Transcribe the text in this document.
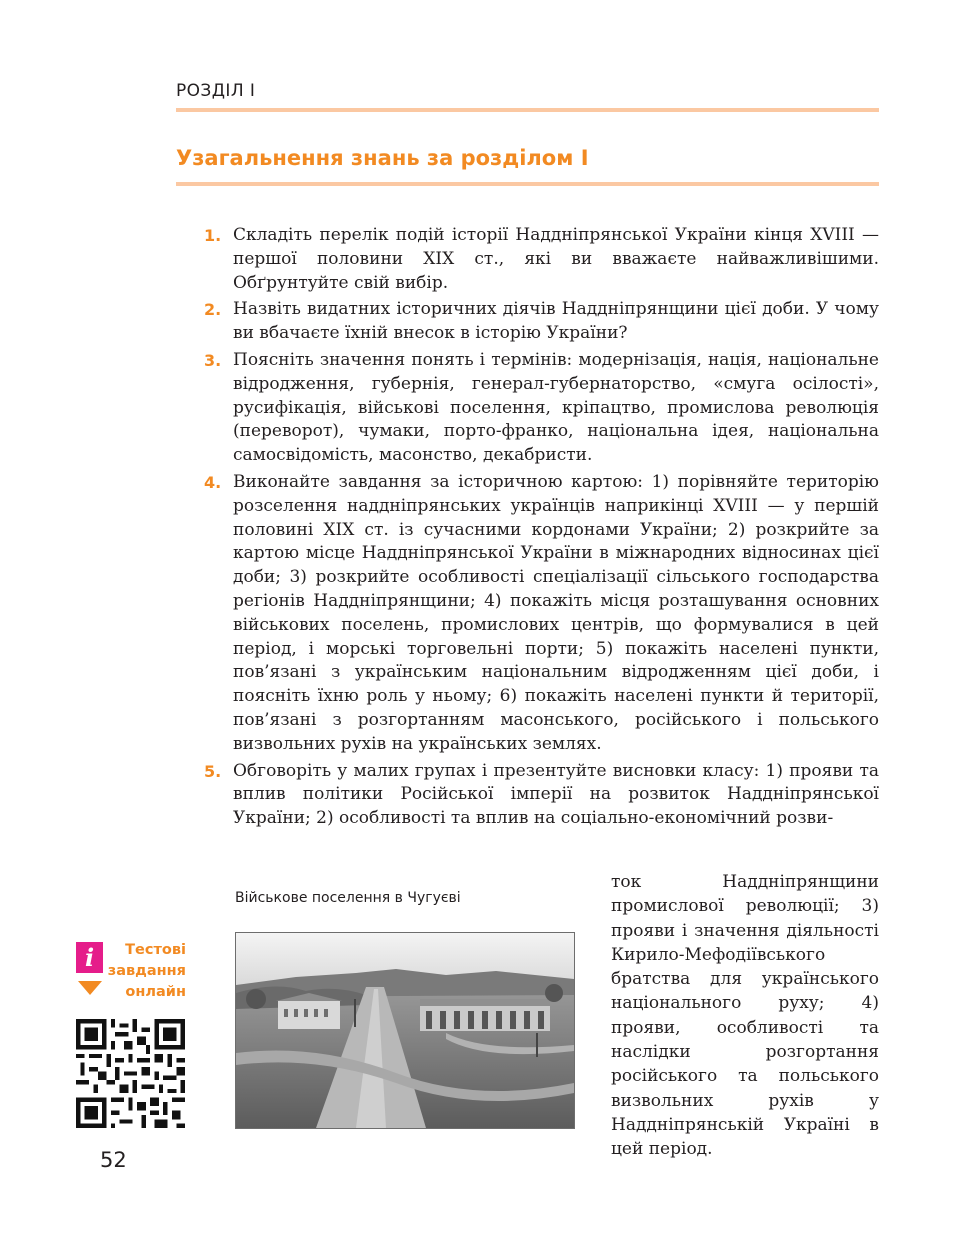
РОЗДІЛ І
Узагальнення знань за розділом І
1. Складіть перелік подій історії Наддніпрянської України кінця XVIII — першої половини XIX ст., які ви вважаєте найважливішими. Обґрунтуйте свій вибір.
2. Назвіть видатних історичних діячів Наддніпрянщини цієї доби. У чому ви вбачаєте їхній внесок в історію України?
3. Поясніть значення понять і термінів: модернізація, нація, національне відродження, губернія, генерал-губернаторство, «смуга осілості», русифікація, військові поселення, кріпацтво, промислова революція (переворот), чумаки, порто-франко, національна ідея, національна самосвідомість, масонство, декабристи.
4. Виконайте завдання за історичною картою: 1) порівняйте територію розселення наддніпрянських українців наприкінці XVIII — у першій половині XIX ст. із сучасними кордонами України; 2) розкрийте за картою місце Наддніпрянської України в міжнародних відносинах цієї доби; 3) розкрийте особливості спеціалізації сільського господарства регіонів Наддніпрянщини; 4) покажіть місця розташування основних військових поселень, промислових центрів, що формувалися в цей період, і морські торговельні порти; 5) покажіть населені пункти, пов’язані з українським національним відродженням цієї доби, і поясніть їхню роль у ньому; 6) покажіть населені пункти й території, пов’язані з розгортанням масонського, російського і польського визвольних рухів на українських землях.
5. Обговоріть у малих групах і презентуйте висновки класу: 1) прояви та вплив політики Російської імперії на розвиток Наддніпрянської України; 2) особливості та вплив на соціально-економічний розви-
ток Наддніпрянщини промислової революції; 3) прояви і значення діяльності Кирило-Мефодіївського братства для українського національного руху; 4) прояви, особливості та наслідки розгортання російського та польського визвольних рухів у Наддніпрянській Україні в цей період.
Військове поселення в Чугуєві
i	Тестові
завдання
онлайн
52
